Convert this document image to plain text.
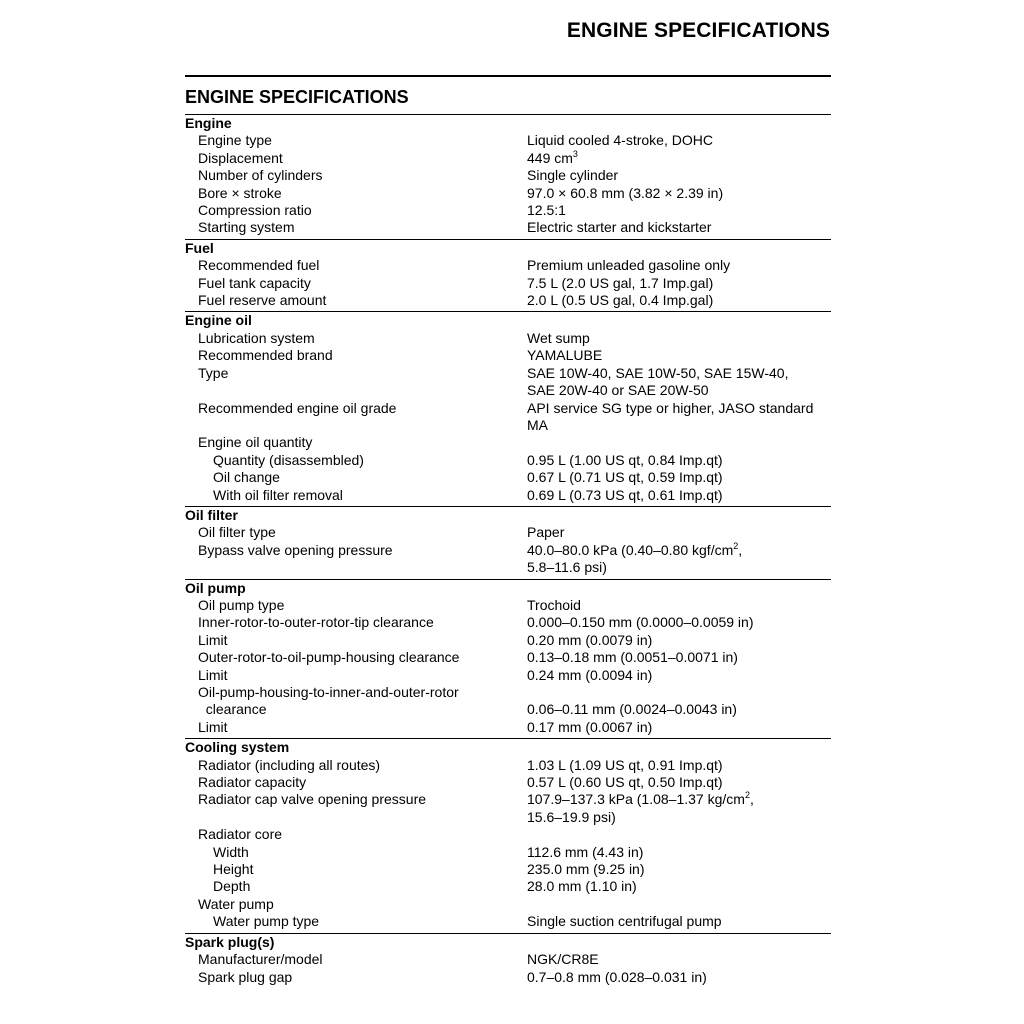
ENGINE SPECIFICATIONS
ENGINE SPECIFICATIONS
Engine
Engine type	Liquid cooled 4-stroke, DOHC
Displacement	449 $cm^3$
Number of cylinders	Single cylinder
Bore × stroke	97.0 × 60.8 mm (3.82 × 2.39 in)
Compression ratio	12.5:1
Starting system	Electric starter and kickstarter
Fuel
Recommended fuel	Premium unleaded gasoline only
Fuel tank capacity	7.5 L (2.0 US gal, 1.7 Imp.gal)
Fuel reserve amount	2.0 L (0.5 US gal, 0.4 Imp.gal)
Engine oil
Lubrication system	Wet sump
Recommended brand	YAMALUBE
Type	SAE 10W-40, SAE 10W-50, SAE 15W-40,
SAE 20W-40 or SAE 20W-50
Recommended engine oil grade	API service SG type or higher, JASO standard
MA
Engine oil quantity
Quantity (disassembled)	0.95 L (1.00 US qt, 0.84 Imp.qt)
Oil change	0.67 L (0.71 US qt, 0.59 Imp.qt)
With oil filter removal	0.69 L (0.73 US qt, 0.61 Imp.qt)
Oil filter
Oil filter type	Paper
Bypass valve opening pressure	40.0–80.0 kPa (0.40–0.80 kgf/$cm^2$,
5.8–11.6 psi)
Oil pump
Oil pump type	Trochoid
Inner-rotor-to-outer-rotor-tip clearance	0.000–0.150 mm (0.0000–0.0059 in)
Limit	0.20 mm (0.0079 in)
Outer-rotor-to-oil-pump-housing clearance	0.13–0.18 mm (0.0051–0.0071 in)
Limit	0.24 mm (0.0094 in)
Oil-pump-housing-to-inner-and-outer-rotor
clearance	0.06–0.11 mm (0.0024–0.0043 in)
Limit	0.17 mm (0.0067 in)
Cooling system
Radiator (including all routes)	1.03 L (1.09 US qt, 0.91 Imp.qt)
Radiator capacity	0.57 L (0.60 US qt, 0.50 Imp.qt)
Radiator cap valve opening pressure	107.9–137.3 kPa (1.08–1.37 $kg/cm^2$,
15.6–19.9 psi)
Radiator core
Width	112.6 mm (4.43 in)
Height	235.0 mm (9.25 in)
Depth	28.0 mm (1.10 in)
Water pump
Water pump type	Single suction centrifugal pump
Spark plug(s)
Manufacturer/model	NGK/CR8E
Spark plug gap	0.7–0.8 mm (0.028–0.031 in)
